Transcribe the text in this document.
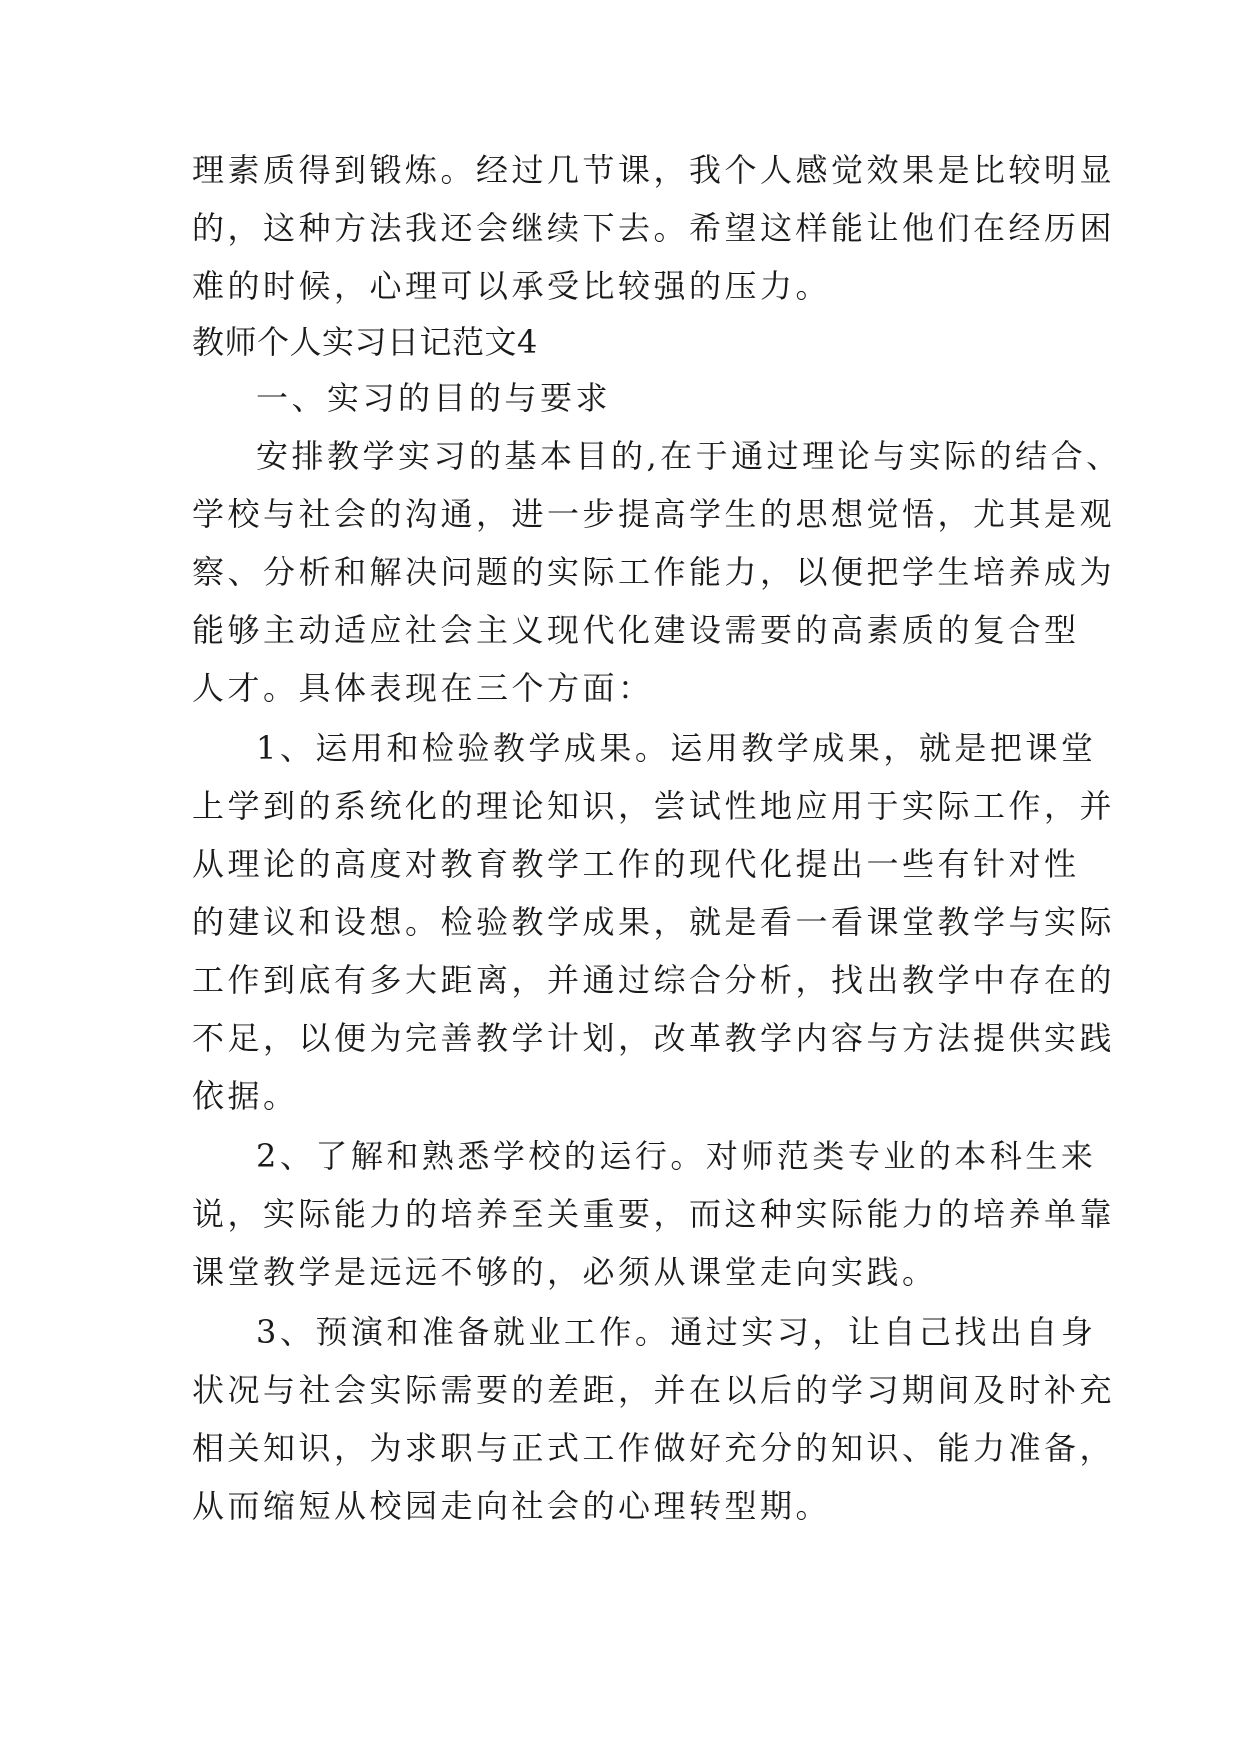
理素质得到锻炼。经过几节课，我个人感觉效果是比较明显
的，这种方法我还会继续下去。希望这样能让他们在经历困
难的时候，心理可以承受比较强的压力。
教师个人实习日记范文4
一、实习的目的与要求
安排教学实习的基本目的,在于通过理论与实际的结合、
学校与社会的沟通，进一步提高学生的思想觉悟，尤其是观
察、分析和解决问题的实际工作能力，以便把学生培养成为
能够主动适应社会主义现代化建设需要的高素质的复合型
人才。具体表现在三个方面：
1、运用和检验教学成果。运用教学成果，就是把课堂
上学到的系统化的理论知识，尝试性地应用于实际工作，并
从理论的高度对教育教学工作的现代化提出一些有针对性
的建议和设想。检验教学成果，就是看一看课堂教学与实际
工作到底有多大距离，并通过综合分析，找出教学中存在的
不足，以便为完善教学计划，改革教学内容与方法提供实践
依据。
2、了解和熟悉学校的运行。对师范类专业的本科生来
说，实际能力的培养至关重要，而这种实际能力的培养单靠
课堂教学是远远不够的，必须从课堂走向实践。
3、预演和准备就业工作。通过实习，让自己找出自身
状况与社会实际需要的差距，并在以后的学习期间及时补充
相关知识，为求职与正式工作做好充分的知识、能力准备，
从而缩短从校园走向社会的心理转型期。
